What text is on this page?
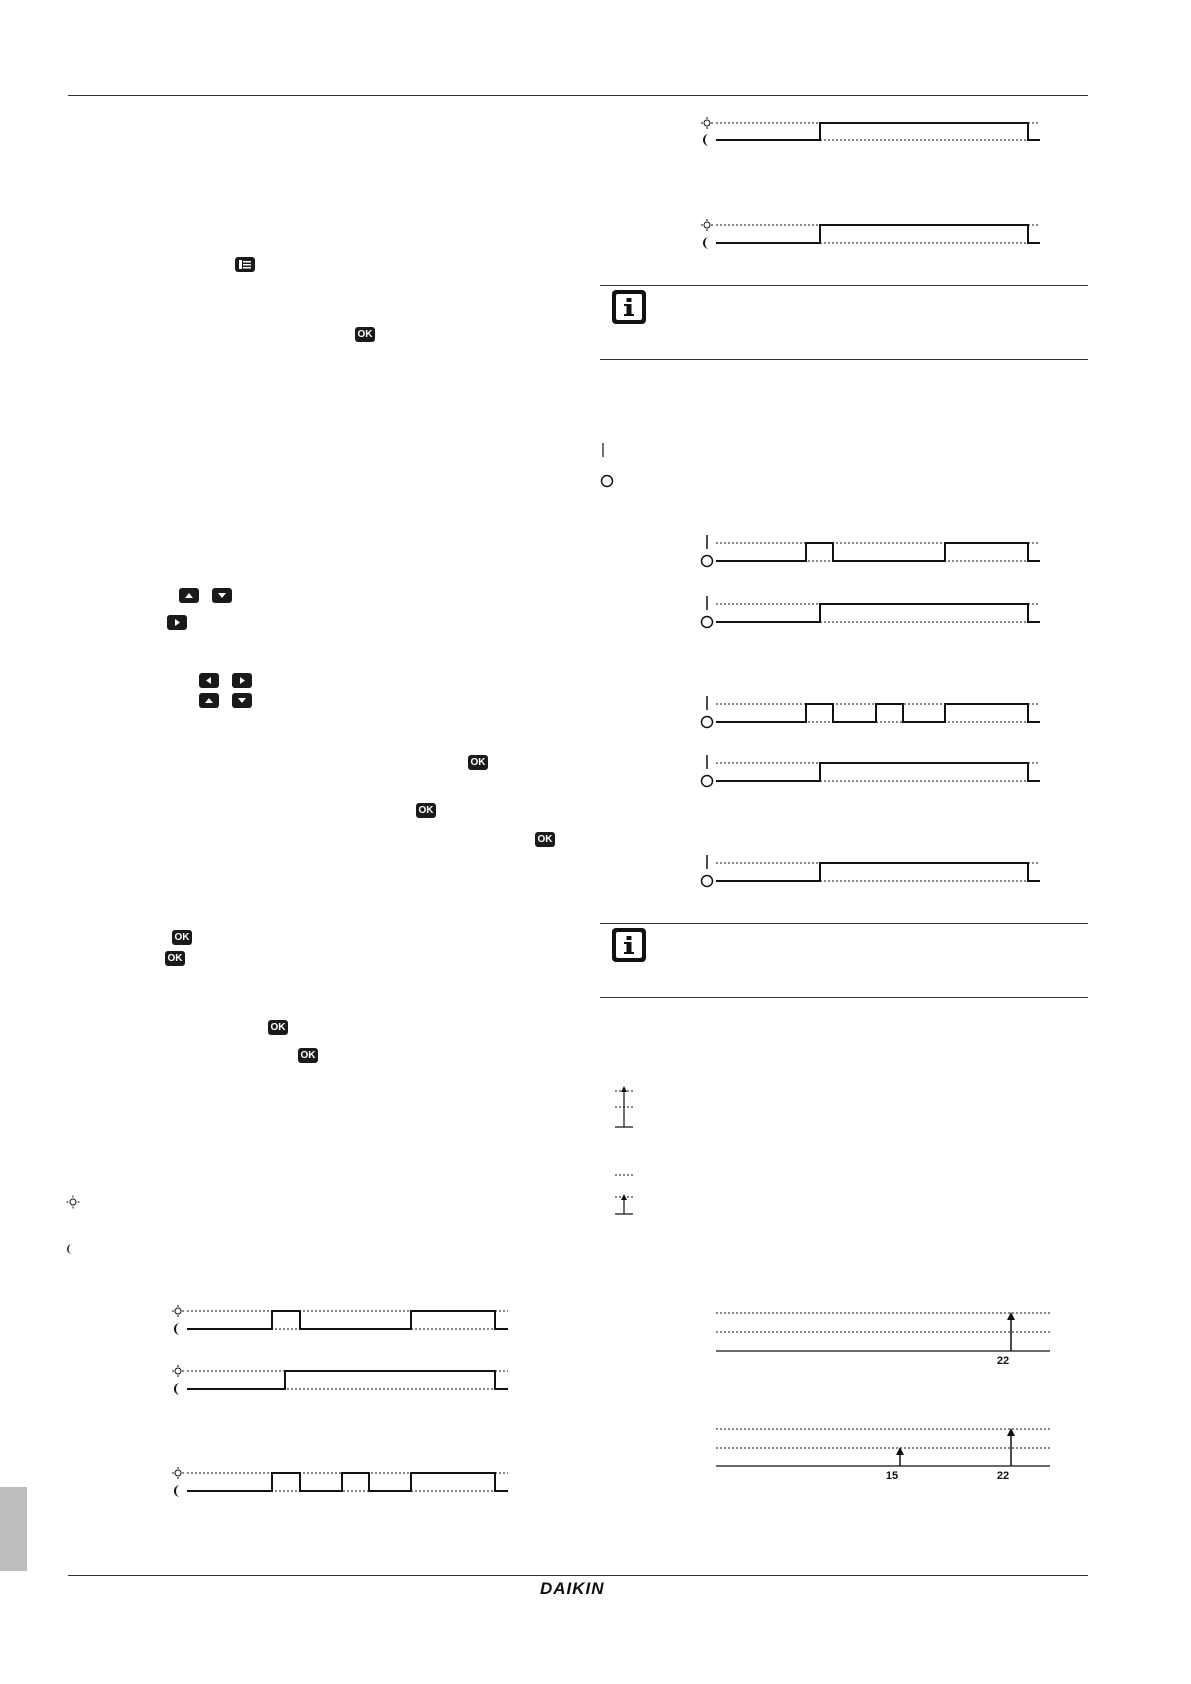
DAIKIN
OK
OK
OK
OK
OK
OK
OK
OK
22
15	22
